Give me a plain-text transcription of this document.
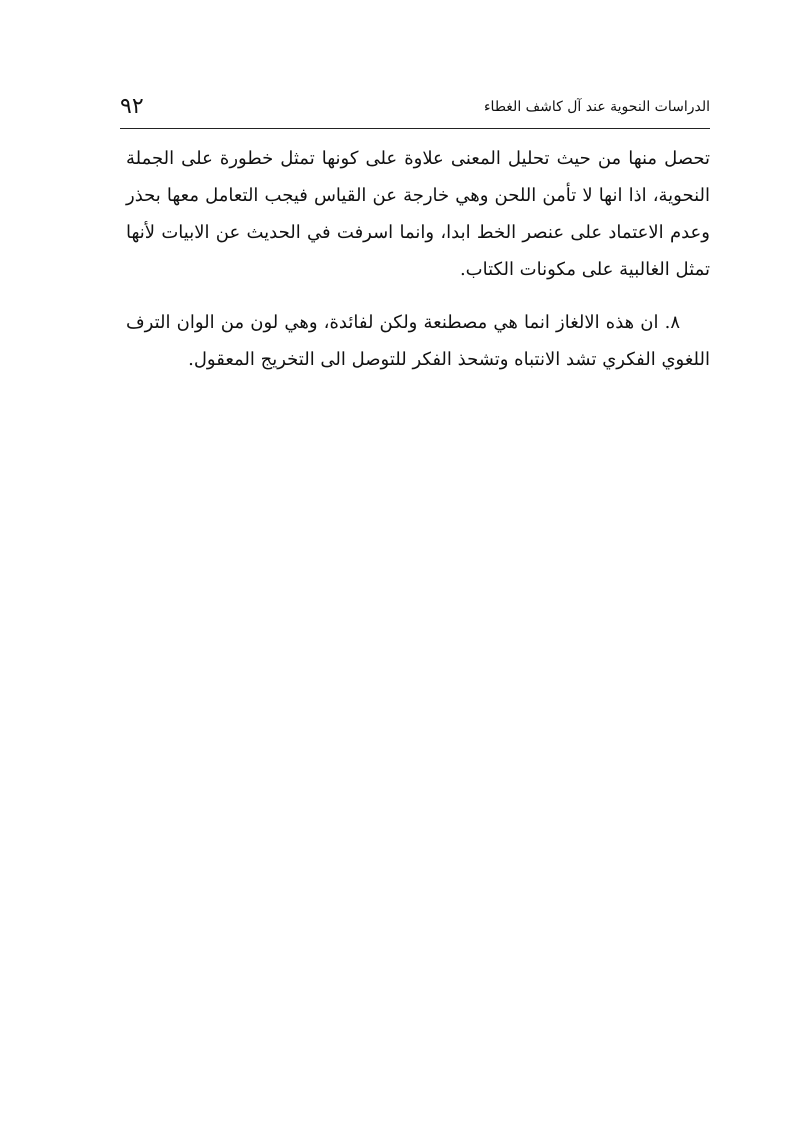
٩٢	الدراسات النحوية عند آل كاشف الغطاء

تحصل منها من حيث تحليل المعنى علاوة على كونها تمثل خطورة على الجملة النحوية، اذا انها لا تأمن اللحن وهي خارجة عن القياس فيجب التعامل معها بحذر وعدم الاعتماد على عنصر الخط ابدا، وانما اسرفت في الحديث عن الابيات لأنها تمثل الغالبية على مكونات الكتاب.

٨. ان هذه الالغاز انما هي مصطنعة ولكن لفائدة، وهي لون من الوان الترف اللغوي الفكري تشد الانتباه وتشحذ الفكر للتوصل الى التخريج المعقول.
